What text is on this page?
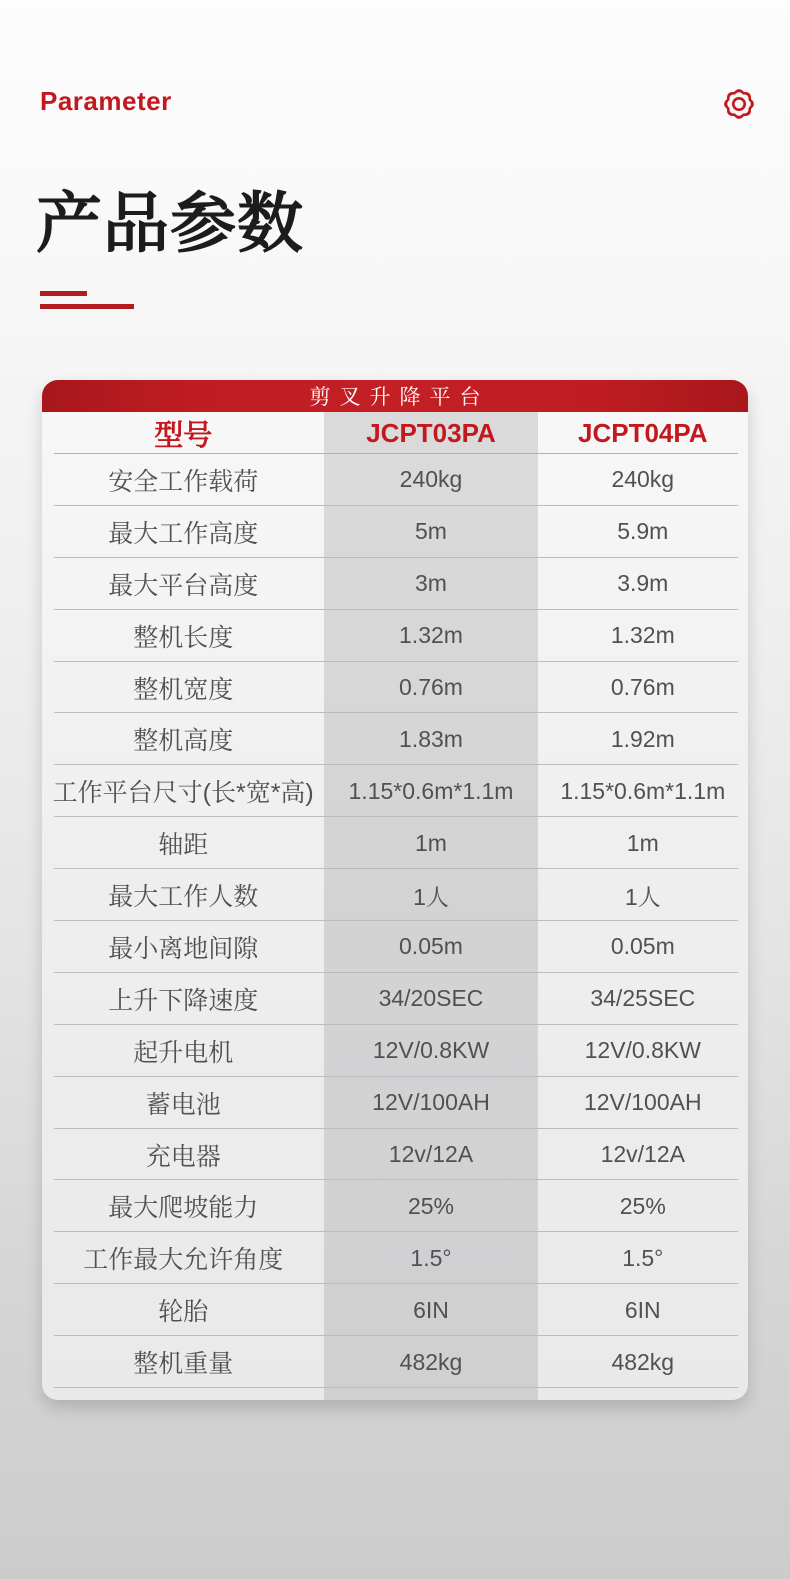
Parameter
产品参数
剪叉升降平台
型号	JCPT03PA	JCPT04PA
安全工作载荷	240kg	240kg
最大工作高度	5m	5.9m
最大平台高度	3m	3.9m
整机长度	1.32m	1.32m
整机宽度	0.76m	0.76m
整机高度	1.83m	1.92m
工作平台尺寸(长*宽*高)	1.15*0.6m*1.1m	1.15*0.6m*1.1m
轴距	1m	1m
最大工作人数	1人	1人
最小离地间隙	0.05m	0.05m
上升下降速度	34/20SEC	34/25SEC
起升电机	12V/0.8KW	12V/0.8KW
蓄电池	12V/100AH	12V/100AH
充电器	12v/12A	12v/12A
最大爬坡能力	25%	25%
工作最大允许角度	1.5°	1.5°
轮胎	6IN	6IN
整机重量	482kg	482kg
